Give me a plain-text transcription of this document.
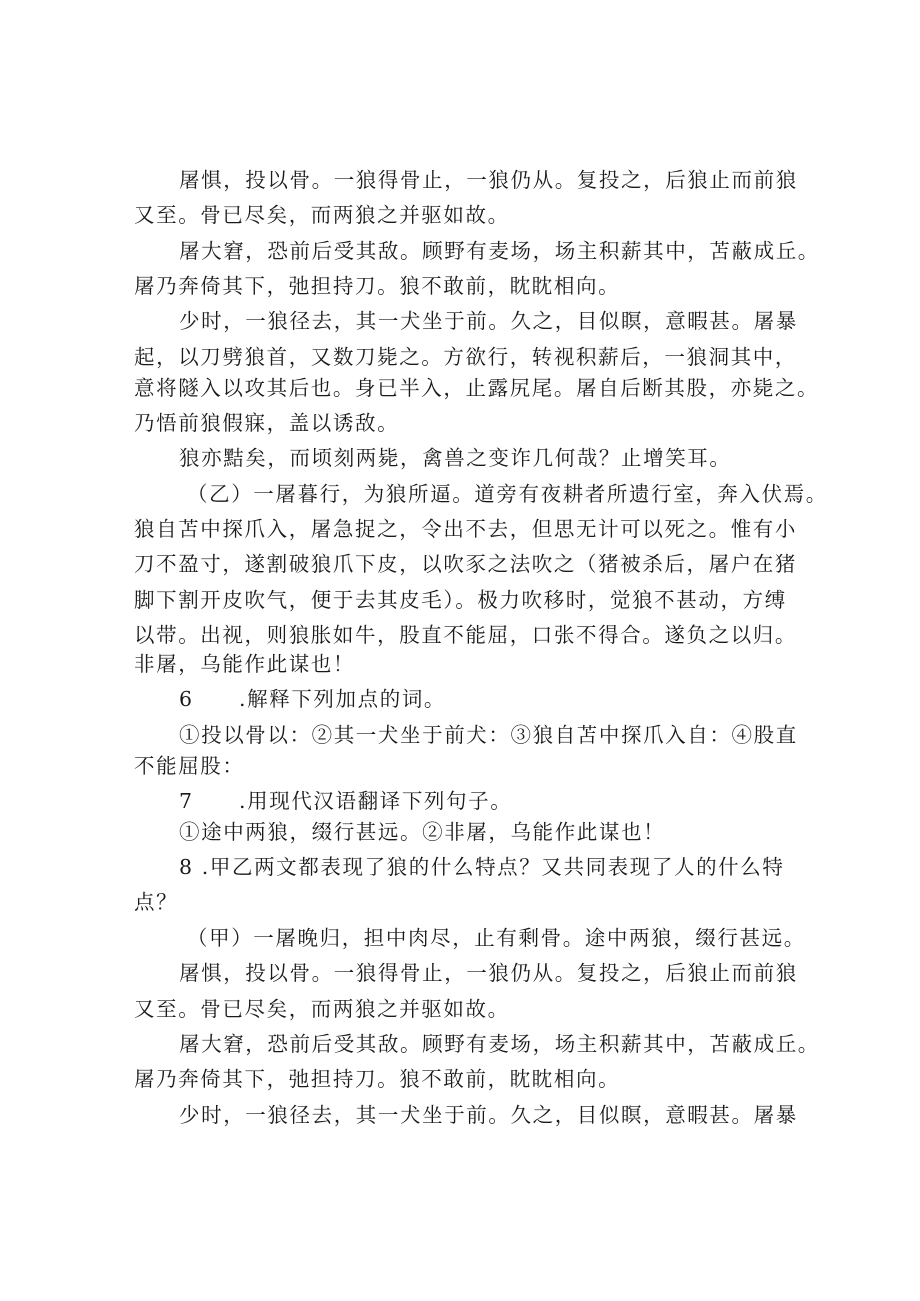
屠惧，投以骨。一狼得骨止，一狼仍从。复投之，后狼止而前狼
又至。骨已尽矣，而两狼之并驱如故。
屠大窘，恐前后受其敌。顾野有麦场，场主积薪其中，苫蔽成丘。
屠乃奔倚其下，弛担持刀。狼不敢前，眈眈相向。
少时，一狼径去，其一犬坐于前。久之，目似瞑，意暇甚。屠暴
起，以刀劈狼首，又数刀毙之。方欲行，转视积薪后，一狼洞其中，
意将隧入以攻其后也。身已半入，止露尻尾。屠自后断其股，亦毙之。
乃悟前狼假寐，盖以诱敌。
狼亦黠矣，而顷刻两毙，禽兽之变诈几何哉？止增笑耳。
（乙）一屠暮行，为狼所逼。道旁有夜耕者所遗行室，奔入伏焉。
狼自苫中探爪入，屠急捉之，令出不去，但思无计可以死之。惟有小
刀不盈寸，遂割破狼爪下皮，以吹豕之法吹之（猪被杀后，屠户在猪
脚下割开皮吹气，便于去其皮毛）。极力吹移时，觉狼不甚动，方缚
以带。出视，则狼胀如牛，股直不能屈，口张不得合。遂负之以归。
非屠，乌能作此谋也！
6 .解释下列加点的词。
①投以骨以：②其一犬坐于前犬：③狼自苫中探爪入自：④股直
不能屈股：
7 .用现代汉语翻译下列句子。
①途中两狼，缀行甚远。②非屠，乌能作此谋也！
8 .甲乙两文都表现了狼的什么特点？又共同表现了人的什么特
点？
（甲）一屠晚归，担中肉尽，止有剩骨。途中两狼，缀行甚远。
屠惧，投以骨。一狼得骨止，一狼仍从。复投之，后狼止而前狼
又至。骨已尽矣，而两狼之并驱如故。
屠大窘，恐前后受其敌。顾野有麦场，场主积薪其中，苫蔽成丘。
屠乃奔倚其下，弛担持刀。狼不敢前，眈眈相向。
少时，一狼径去，其一犬坐于前。久之，目似瞑，意暇甚。屠暴
